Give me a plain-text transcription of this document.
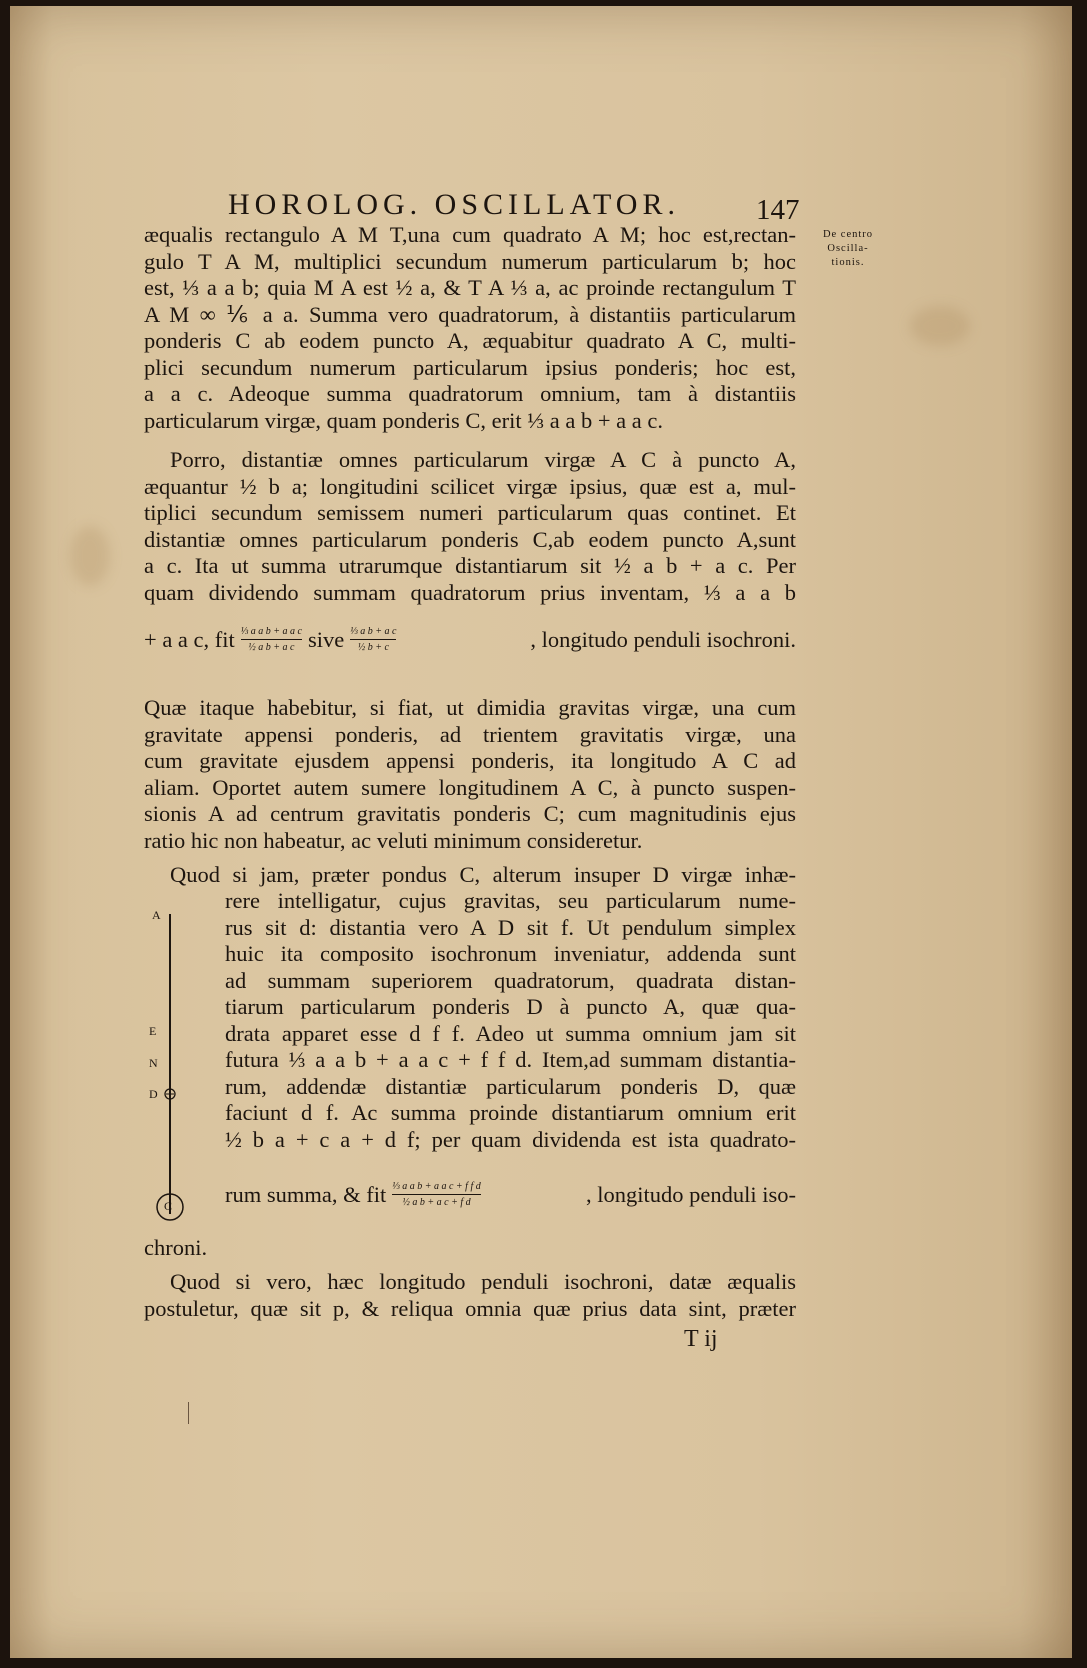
HOROLOG. OSCILLATOR.	147
De centro
Oscilla-
tionis.
æqualis rectangulo A M T,una cum quadrato A M; hoc est,rectan-
gulo T A M, multiplici secundum numerum particularum b; hoc
est, ⅓ a a b; quia M A est ½ a, & T A ⅓ a, ac proinde rectangulum T
A M ∞ ⅙ a a. Summa vero quadratorum, à distantiis particularum
ponderis C ab eodem puncto A, æquabitur quadrato A C, multi-
plici secundum numerum particularum ipsius ponderis; hoc est,
a a c. Adeoque summa quadratorum omnium, tam à distantiis
particularum virgæ, quam ponderis C, erit ⅓ a a b + a a c.
Porro, distantiæ omnes particularum virgæ A C à puncto A,
æquantur ½ b a; longitudini scilicet virgæ ipsius, quæ est a, mul-
tiplici secundum semissem numeri particularum quas continet. Et
distantiæ omnes particularum ponderis C,ab eodem puncto A,sunt
a c. Ita ut summa utrarumque distantiarum sit ½ a b + a c. Per
quam dividendo summam quadratorum prius inventam, ⅓ a a b
+ a a c, fit $\frac{\text{⅓ a a b + a a c}}{\text{½ a b + a c}}$ sive $\frac{\text{⅓ a b + a c}}{\text{½ b + c}}$	, longitudo penduli isochroni.
Quæ itaque habebitur, si fiat, ut dimidia gravitas virgæ, una cum
gravitate appensi ponderis, ad trientem gravitatis virgæ, una
cum gravitate ejusdem appensi ponderis, ita longitudo A C ad
aliam. Oportet autem sumere longitudinem A C, à puncto suspen-
sionis A ad centrum gravitatis ponderis C; cum magnitudinis ejus
ratio hic non habeatur, ac veluti minimum consideretur.
Quod si jam, præter pondus C, alterum insuper D virgæ inhæ-
A
E
N
D
C
rere intelligatur, cujus gravitas, seu particularum nume-
rus sit d: distantia vero A D sit f. Ut pendulum simplex
huic ita composito isochronum inveniatur, addenda sunt
ad summam superiorem quadratorum, quadrata distan-
tiarum particularum ponderis D à puncto A, quæ qua-
drata apparet esse d f f. Adeo ut summa omnium jam sit
futura ⅓ a a b + a a c + f f d. Item,ad summam distantia-
rum, addendæ distantiæ particularum ponderis D, quæ
faciunt d f. Ac summa proinde distantiarum omnium erit
½ b a + c a + d f; per quam dividenda est ista quadrato-
rum summa, & fit $\frac{\text{⅓ a a b + a a c + f f d}}{\text{½ a b + a c + f d}}$	, longitudo penduli iso-
chroni.
Quod si vero, hæc longitudo penduli isochroni, datæ æqualis
postuletur, quæ sit p, & reliqua omnia quæ prius data sint, præter
T ij
